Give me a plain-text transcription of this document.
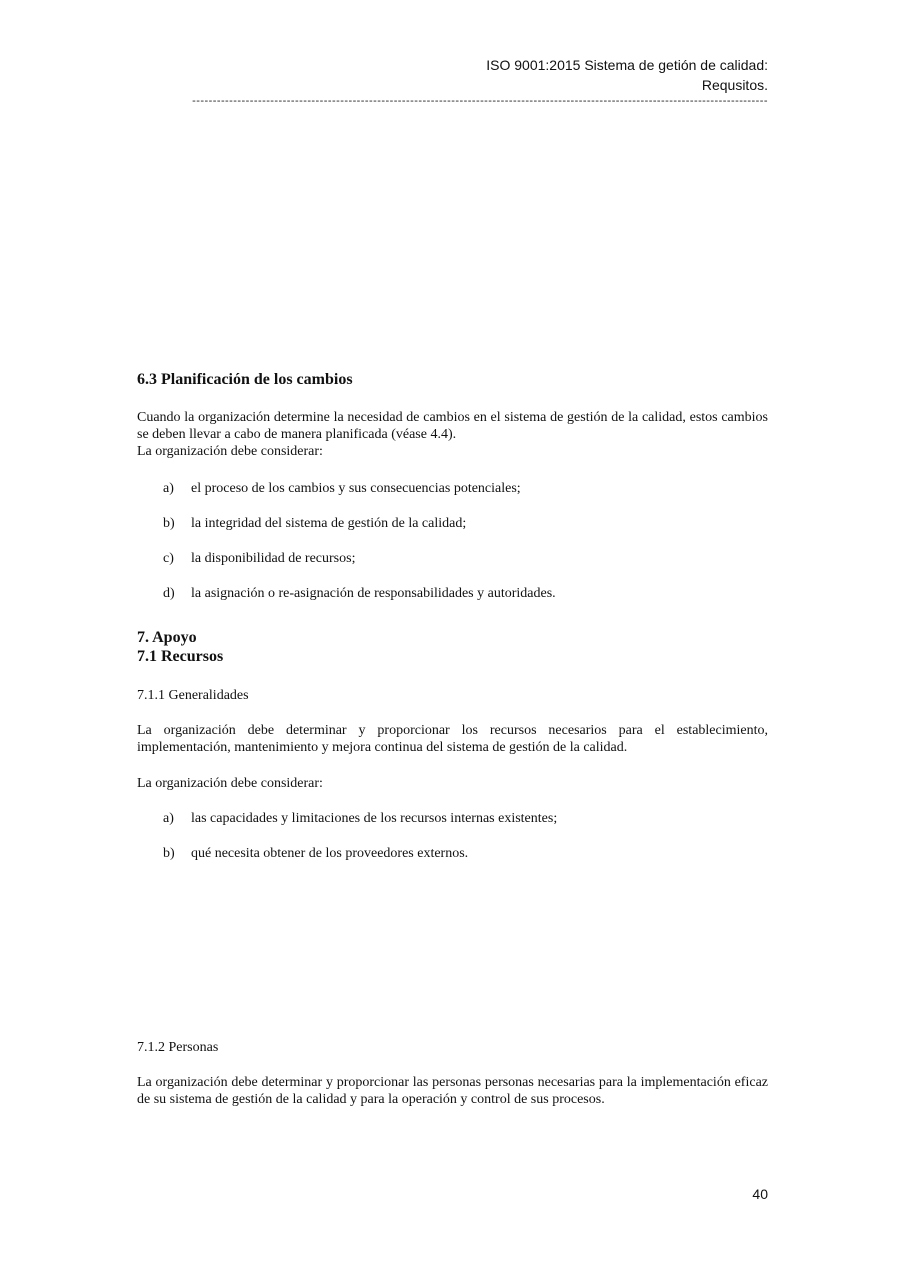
ISO 9001:2015 Sistema de getión de calidad:
Requsitos.
--------------------------------------------------------------------------------------------------------------------------------------------
6.3 Planificación de los cambios
Cuando la organización determine la necesidad de cambios en el sistema de gestión de la calidad, estos cambios se deben llevar a cabo de manera planificada (véase 4.4).
La organización debe considerar:
a) el proceso de los cambios y sus consecuencias potenciales;
b) la integridad del sistema de gestión de la calidad;
c) la disponibilidad de recursos;
d) la asignación o re-asignación de responsabilidades y autoridades.
7. Apoyo
7.1 Recursos
7.1.1 Generalidades
La organización debe determinar y proporcionar los recursos necesarios para el establecimiento, implementación, mantenimiento y mejora continua del sistema de gestión de la calidad.
La organización debe considerar:
a) las capacidades y limitaciones de los recursos internas existentes;
b) qué necesita obtener de los proveedores externos.
7.1.2 Personas
La organización debe determinar y proporcionar las personas personas necesarias para la implementación eficaz de su sistema de gestión de la calidad y para la operación y control de sus procesos.
40
